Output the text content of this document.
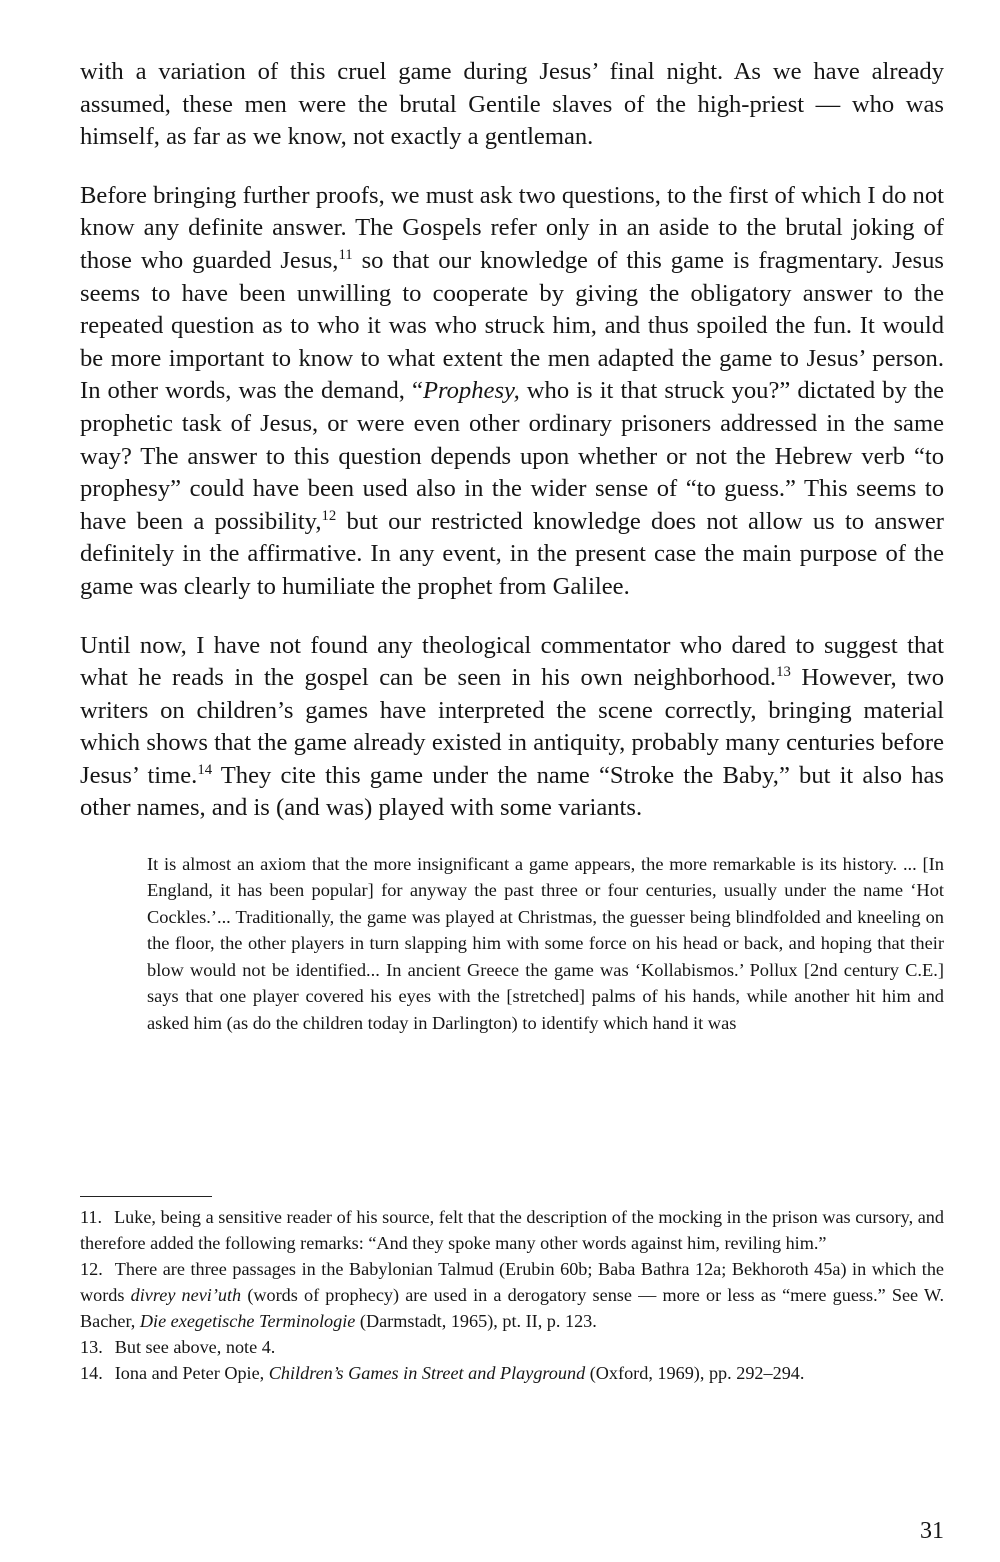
with a variation of this cruel game during Jesus’ final night. As we have already assumed, these men were the brutal Gentile slaves of the high-priest — who was himself, as far as we know, not exactly a gentleman.

Before bringing further proofs, we must ask two questions, to the first of which I do not know any definite answer. The Gospels refer only in an aside to the brutal joking of those who guarded Jesus,$^{11}$ so that our knowledge of this game is fragmentary. Jesus seems to have been unwilling to cooperate by giving the obligatory answer to the repeated question as to who it was who struck him, and thus spoiled the fun. It would be more important to know to what extent the men adapted the game to Jesus’ person. In other words, was the demand, “Prophesy, who is it that struck you?” dictated by the prophetic task of Jesus, or were even other ordinary prisoners addressed in the same way? The answer to this question depends upon whether or not the Hebrew verb “to prophesy” could have been used also in the wider sense of “to guess.” This seems to have been a possibility,$^{12}$ but our restricted knowledge does not allow us to answer definitely in the affirmative. In any event, in the present case the main purpose of the game was clearly to humiliate the prophet from Galilee.

Until now, I have not found any theological commentator who dared to suggest that what he reads in the gospel can be seen in his own neighborhood.$^{13}$ However, two writers on children’s games have interpreted the scene correctly, bringing material which shows that the game already existed in antiquity, probably many centuries before Jesus’ time.$^{14}$ They cite this game under the name “Stroke the Baby,” but it also has other names, and is (and was) played with some variants.

It is almost an axiom that the more insignificant a game appears, the more remarkable is its history. ... [In England, it has been popular] for anyway the past three or four centuries, usually under the name ‘Hot Cockles.’... Traditionally, the game was played at Christmas, the guesser being blindfolded and kneeling on the floor, the other players in turn slapping him with some force on his head or back, and hoping that their blow would not be identified... In ancient Greece the game was ‘Kollabismos.’ Pollux [2nd century C.E.] says that one player covered his eyes with the [stretched] palms of his hands, while another hit him and asked him (as do the children today in Darlington) to identify which hand it was

11. Luke, being a sensitive reader of his source, felt that the description of the mocking in the prison was cursory, and therefore added the following remarks: “And they spoke many other words against him, reviling him.”

12. There are three passages in the Babylonian Talmud (Erubin 60b; Baba Bathra 12a; Bekhoroth 45a) in which the words divrey nevi’uth (words of prophecy) are used in a derogatory sense — more or less as “mere guess.” See W. Bacher, Die exegetische Terminologie (Darmstadt, 1965), pt. II, p. 123.

13. But see above, note 4.

14. Iona and Peter Opie, Children’s Games in Street and Playground (Oxford, 1969), pp. 292–294.

31
